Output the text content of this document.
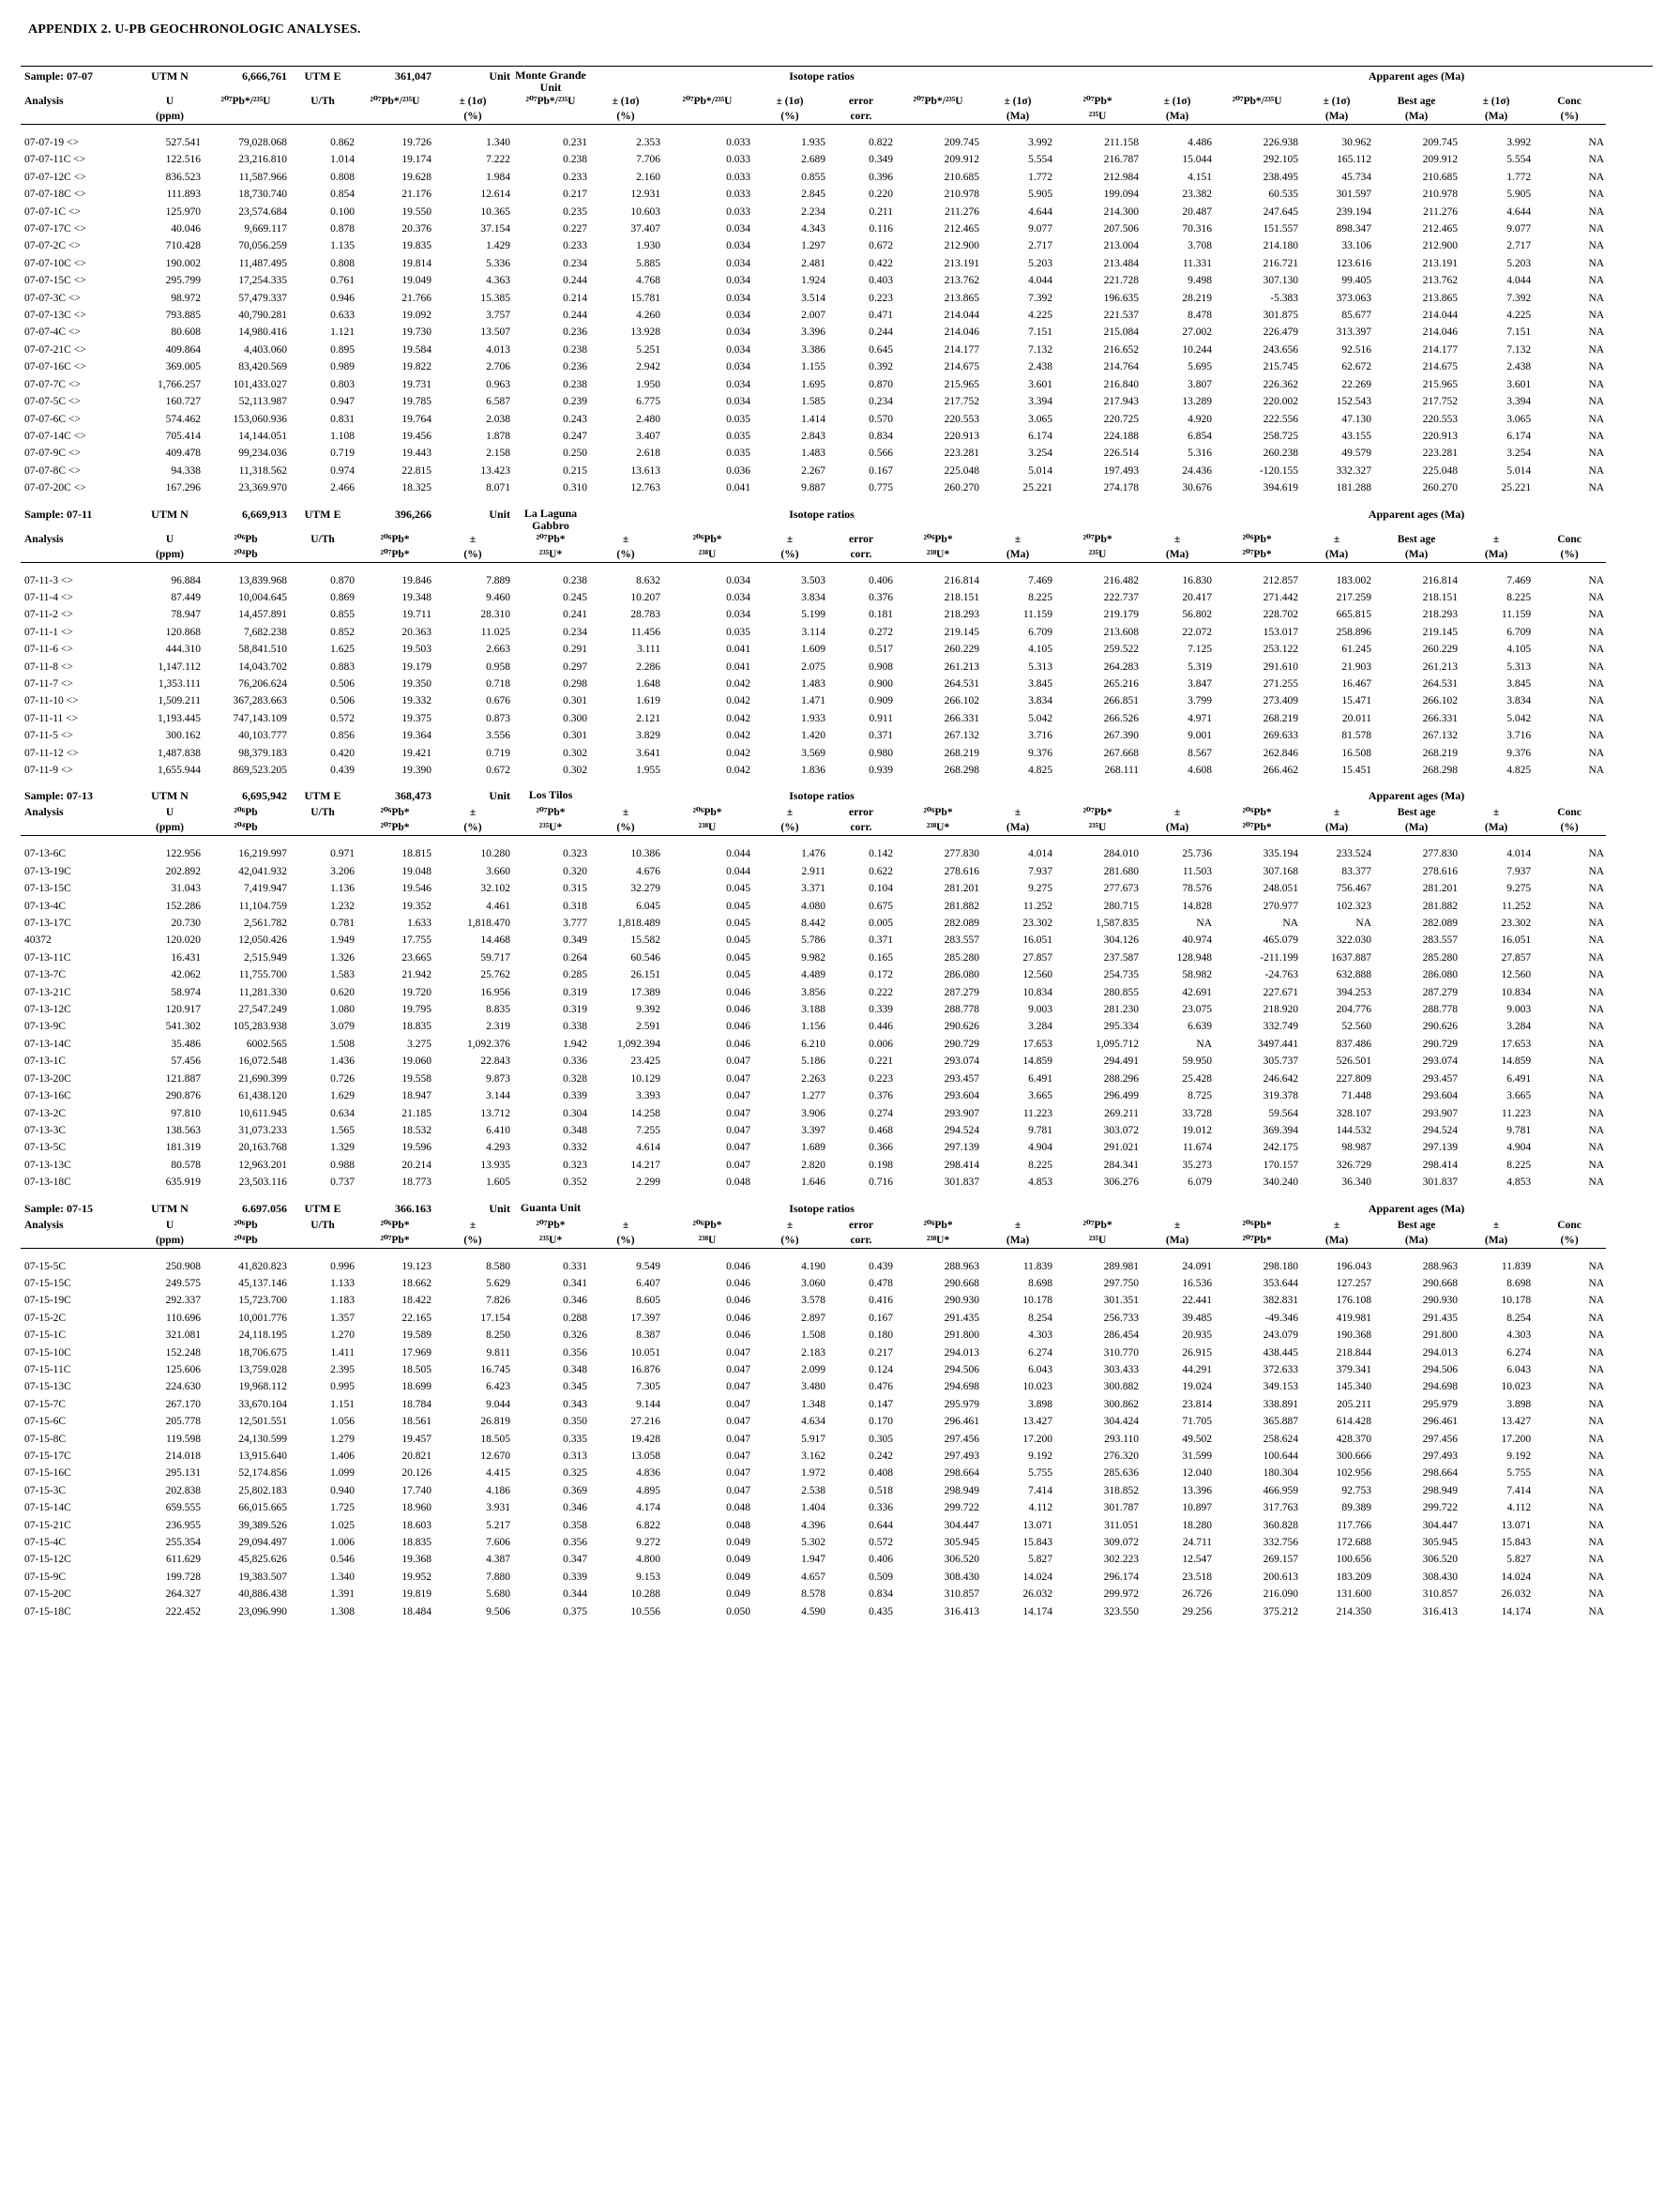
APPENDIX 2. U-PB GEOCHRONOLOGIC ANALYSES.
Sample: 07-07	UTM N	6,666,761	UTM E	361,047	Unit	Monte Grande Unit		Isotope ratios								Apparent ages (Ma)					
Analysis	U	²⁰⁷Pb*/²³⁵U	U/Th	²⁰⁷Pb*/²³⁵U	± (1σ)	²⁰⁷Pb*/²³⁵U	± (1σ)	²⁰⁷Pb*/²³⁵U	± (1σ)	error	²⁰⁷Pb*/²³⁵U	± (1σ)	²⁰⁷Pb*	± (1σ)	²⁰⁷Pb*/²³⁵U	± (1σ)	Best age	± (1σ)	Conc		
	(ppm)				(%)		(%)		(%)	corr.		(Ma)	²³⁵U	(Ma)		(Ma)	(Ma)	(Ma)	(%)		

07-07-19 <>	527.541	79,028.068	0.862	19.726	1.340	0.231	2.353	0.033	1.935	0.822	209.745	3.992	211.158	4.486	226.938	30.962	209.745	3.992	NA		
07-07-11C <>	122.516	23,216.810	1.014	19.174	7.222	0.238	7.706	0.033	2.689	0.349	209.912	5.554	216.787	15.044	292.105	165.112	209.912	5.554	NA		
07-07-12C <>	836.523	11,587.966	0.808	19.628	1.984	0.233	2.160	0.033	0.855	0.396	210.685	1.772	212.984	4.151	238.495	45.734	210.685	1.772	NA		
07-07-18C <>	111.893	18,730.740	0.854	21.176	12.614	0.217	12.931	0.033	2.845	0.220	210.978	5.905	199.094	23.382	60.535	301.597	210.978	5.905	NA		
07-07-1C <>	125.970	23,574.684	0.100	19.550	10.365	0.235	10.603	0.033	2.234	0.211	211.276	4.644	214.300	20.487	247.645	239.194	211.276	4.644	NA		
07-07-17C <>	40.046	9,669.117	0.878	20.376	37.154	0.227	37.407	0.034	4.343	0.116	212.465	9.077	207.506	70.316	151.557	898.347	212.465	9.077	NA		
07-07-2C <>	710.428	70,056.259	1.135	19.835	1.429	0.233	1.930	0.034	1.297	0.672	212.900	2.717	213.004	3.708	214.180	33.106	212.900	2.717	NA		
07-07-10C <>	190.002	11,487.495	0.808	19.814	5.336	0.234	5.885	0.034	2.481	0.422	213.191	5.203	213.484	11.331	216.721	123.616	213.191	5.203	NA		
07-07-15C <>	295.799	17,254.335	0.761	19.049	4.363	0.244	4.768	0.034	1.924	0.403	213.762	4.044	221.728	9.498	307.130	99.405	213.762	4.044	NA		
07-07-3C <>	98.972	57,479.337	0.946	21.766	15.385	0.214	15.781	0.034	3.514	0.223	213.865	7.392	196.635	28.219	-5.383	373.063	213.865	7.392	NA		
07-07-13C <>	793.885	40,790.281	0.633	19.092	3.757	0.244	4.260	0.034	2.007	0.471	214.044	4.225	221.537	8.478	301.875	85.677	214.044	4.225	NA		
07-07-4C <>	80.608	14,980.416	1.121	19.730	13.507	0.236	13.928	0.034	3.396	0.244	214.046	7.151	215.084	27.002	226.479	313.397	214.046	7.151	NA		
07-07-21C <>	409.864	4,403.060	0.895	19.584	4.013	0.238	5.251	0.034	3.386	0.645	214.177	7.132	216.652	10.244	243.656	92.516	214.177	7.132	NA		
07-07-16C <>	369.005	83,420.569	0.989	19.822	2.706	0.236	2.942	0.034	1.155	0.392	214.675	2.438	214.764	5.695	215.745	62.672	214.675	2.438	NA		
07-07-7C <>	1,766.257	101,433.027	0.803	19.731	0.963	0.238	1.950	0.034	1.695	0.870	215.965	3.601	216.840	3.807	226.362	22.269	215.965	3.601	NA		
07-07-5C <>	160.727	52,113.987	0.947	19.785	6.587	0.239	6.775	0.034	1.585	0.234	217.752	3.394	217.943	13.289	220.002	152.543	217.752	3.394	NA		
07-07-6C <>	574.462	153,060.936	0.831	19.764	2.038	0.243	2.480	0.035	1.414	0.570	220.553	3.065	220.725	4.920	222.556	47.130	220.553	3.065	NA		
07-07-14C <>	705.414	14,144.051	1.108	19.456	1.878	0.247	3.407	0.035	2.843	0.834	220.913	6.174	224.188	6.854	258.725	43.155	220.913	6.174	NA		
07-07-9C <>	409.478	99,234.036	0.719	19.443	2.158	0.250	2.618	0.035	1.483	0.566	223.281	3.254	226.514	5.316	260.238	49.579	223.281	3.254	NA		
07-07-8C <>	94.338	11,318.562	0.974	22.815	13.423	0.215	13.613	0.036	2.267	0.167	225.048	5.014	197.493	24.436	-120.155	332.327	225.048	5.014	NA		
07-07-20C <>	167.296	23,369.970	2.466	18.325	8.071	0.310	12.763	0.041	9.887	0.775	260.270	25.221	274.178	30.676	394.619	181.288	260.270	25.221	NA		

Sample: 07-11	UTM N	6,669,913	UTM E	396,266	Unit	La Laguna Gabbro		Isotope ratios								Apparent ages (Ma)					
Analysis	U	²⁰⁶Pb	U/Th	²⁰⁶Pb*	±	²⁰⁷Pb*	±	²⁰⁶Pb*	±	error	²⁰⁶Pb*	±	²⁰⁷Pb*	±	²⁰⁶Pb*	±	Best age	±	Conc		
	(ppm)	²⁰⁴Pb		²⁰⁷Pb*	(%)	²³⁵U*	(%)	²³⁸U	(%)	corr.	²³⁸U*	(Ma)	²³⁵U	(Ma)	²⁰⁷Pb*	(Ma)	(Ma)	(Ma)	(%)		

07-11-3 <>	96.884	13,839.968	0.870	19.846	7.889	0.238	8.632	0.034	3.503	0.406	216.814	7.469	216.482	16.830	212.857	183.002	216.814	7.469	NA		
07-11-4 <>	87.449	10,004.645	0.869	19.348	9.460	0.245	10.207	0.034	3.834	0.376	218.151	8.225	222.737	20.417	271.442	217.259	218.151	8.225	NA		
07-11-2 <>	78.947	14,457.891	0.855	19.711	28.310	0.241	28.783	0.034	5.199	0.181	218.293	11.159	219.179	56.802	228.702	665.815	218.293	11.159	NA		
07-11-1 <>	120.868	7,682.238	0.852	20.363	11.025	0.234	11.456	0.035	3.114	0.272	219.145	6.709	213.608	22.072	153.017	258.896	219.145	6.709	NA		
07-11-6 <>	444.310	58,841.510	1.625	19.503	2.663	0.291	3.111	0.041	1.609	0.517	260.229	4.105	259.522	7.125	253.122	61.245	260.229	4.105	NA		
07-11-8 <>	1,147.112	14,043.702	0.883	19.179	0.958	0.297	2.286	0.041	2.075	0.908	261.213	5.313	264.283	5.319	291.610	21.903	261.213	5.313	NA		
07-11-7 <>	1,353.111	76,206.624	0.506	19.350	0.718	0.298	1.648	0.042	1.483	0.900	264.531	3.845	265.216	3.847	271.255	16.467	264.531	3.845	NA		
07-11-10 <>	1,509.211	367,283.663	0.506	19.332	0.676	0.301	1.619	0.042	1.471	0.909	266.102	3.834	266.851	3.799	273.409	15.471	266.102	3.834	NA		
07-11-11 <>	1,193.445	747,143.109	0.572	19.375	0.873	0.300	2.121	0.042	1.933	0.911	266.331	5.042	266.526	4.971	268.219	20.011	266.331	5.042	NA		
07-11-5 <>	300.162	40,103.777	0.856	19.364	3.556	0.301	3.829	0.042	1.420	0.371	267.132	3.716	267.390	9.001	269.633	81.578	267.132	3.716	NA		
07-11-12 <>	1,487.838	98,379.183	0.420	19.421	0.719	0.302	3.641	0.042	3.569	0.980	268.219	9.376	267.668	8.567	262.846	16.508	268.219	9.376	NA		
07-11-9 <>	1,655.944	869,523.205	0.439	19.390	0.672	0.302	1.955	0.042	1.836	0.939	268.298	4.825	268.111	4.608	266.462	15.451	268.298	4.825	NA		

Sample: 07-13	UTM N	6,695,942	UTM E	368,473	Unit	Los Tilos		Isotope ratios								Apparent ages (Ma)					
Analysis	U	²⁰⁶Pb	U/Th	²⁰⁶Pb*	±	²⁰⁷Pb*	±	²⁰⁶Pb*	±	error	²⁰⁶Pb*	±	²⁰⁷Pb*	±	²⁰⁶Pb*	±	Best age	±	Conc		
	(ppm)	²⁰⁴Pb		²⁰⁷Pb*	(%)	²³⁵U*	(%)	²³⁸U	(%)	corr.	²³⁸U*	(Ma)	²³⁵U	(Ma)	²⁰⁷Pb*	(Ma)	(Ma)	(Ma)	(%)		

07-13-6C	122.956	16,219.997	0.971	18.815	10.280	0.323	10.386	0.044	1.476	0.142	277.830	4.014	284.010	25.736	335.194	233.524	277.830	4.014	NA		
07-13-19C	202.892	42,041.932	3.206	19.048	3.660	0.320	4.676	0.044	2.911	0.622	278.616	7.937	281.680	11.503	307.168	83.377	278.616	7.937	NA		
07-13-15C	31.043	7,419.947	1.136	19.546	32.102	0.315	32.279	0.045	3.371	0.104	281.201	9.275	277.673	78.576	248.051	756.467	281.201	9.275	NA		
07-13-4C	152.286	11,104.759	1.232	19.352	4.461	0.318	6.045	0.045	4.080	0.675	281.882	11.252	280.715	14.828	270.977	102.323	281.882	11.252	NA		
07-13-17C	20.730	2,561.782	0.781	1.633	1,818.470	3.777	1,818.489	0.045	8.442	0.005	282.089	23.302	1,587.835	NA	NA	NA	282.089	23.302	NA		
40372	120.020	12,050.426	1.949	17.755	14.468	0.349	15.582	0.045	5.786	0.371	283.557	16.051	304.126	40.974	465.079	322.030	283.557	16.051	NA		
07-13-11C	16.431	2,515.949	1.326	23.665	59.717	0.264	60.546	0.045	9.982	0.165	285.280	27.857	237.587	128.948	-211.199	1637.887	285.280	27.857	NA		
07-13-7C	42.062	11,755.700	1.583	21.942	25.762	0.285	26.151	0.045	4.489	0.172	286.080	12.560	254.735	58.982	-24.763	632.888	286.080	12.560	NA		
07-13-21C	58.974	11,281.330	0.620	19.720	16.956	0.319	17.389	0.046	3.856	0.222	287.279	10.834	280.855	42.691	227.671	394.253	287.279	10.834	NA		
07-13-12C	120.917	27,547.249	1.080	19.795	8.835	0.319	9.392	0.046	3.188	0.339	288.778	9.003	281.230	23.075	218.920	204.776	288.778	9.003	NA		
07-13-9C	541.302	105,283.938	3.079	18.835	2.319	0.338	2.591	0.046	1.156	0.446	290.626	3.284	295.334	6.639	332.749	52.560	290.626	3.284	NA		
07-13-14C	35.486	6002.565	1.508	3.275	1,092.376	1.942	1,092.394	0.046	6.210	0.006	290.729	17.653	1,095.712	NA	3497.441	837.486	290.729	17.653	NA		
07-13-1C	57.456	16,072.548	1.436	19.060	22.843	0.336	23.425	0.047	5.186	0.221	293.074	14.859	294.491	59.950	305.737	526.501	293.074	14.859	NA		
07-13-20C	121.887	21,690.399	0.726	19.558	9.873	0.328	10.129	0.047	2.263	0.223	293.457	6.491	288.296	25.428	246.642	227.809	293.457	6.491	NA		
07-13-16C	290.876	61,438.120	1.629	18.947	3.144	0.339	3.393	0.047	1.277	0.376	293.604	3.665	296.499	8.725	319.378	71.448	293.604	3.665	NA		
07-13-2C	97.810	10,611.945	0.634	21.185	13.712	0.304	14.258	0.047	3.906	0.274	293.907	11.223	269.211	33.728	59.564	328.107	293.907	11.223	NA		
07-13-3C	138.563	31,073.233	1.565	18.532	6.410	0.348	7.255	0.047	3.397	0.468	294.524	9.781	303.072	19.012	369.394	144.532	294.524	9.781	NA		
07-13-5C	181.319	20,163.768	1.329	19.596	4.293	0.332	4.614	0.047	1.689	0.366	297.139	4.904	291.021	11.674	242.175	98.987	297.139	4.904	NA		
07-13-13C	80.578	12,963.201	0.988	20.214	13.935	0.323	14.217	0.047	2.820	0.198	298.414	8.225	284.341	35.273	170.157	326.729	298.414	8.225	NA		
07-13-18C	635.919	23,503.116	0.737	18.773	1.605	0.352	2.299	0.048	1.646	0.716	301.837	4.853	306.276	6.079	340.240	36.340	301.837	4.853	NA		

Sample: 07-15	UTM N	6.697.056	UTM E	366.163	Unit	Guanta Unit		Isotope ratios								Apparent ages (Ma)					
Analysis	U	²⁰⁶Pb	U/Th	²⁰⁶Pb*	±	²⁰⁷Pb*	±	²⁰⁶Pb*	±	error	²⁰⁶Pb*	±	²⁰⁷Pb*	±	²⁰⁶Pb*	±	Best age	±	Conc		
	(ppm)	²⁰⁴Pb		²⁰⁷Pb*	(%)	²³⁵U*	(%)	²³⁸U	(%)	corr.	²³⁸U*	(Ma)	²³⁵U	(Ma)	²⁰⁷Pb*	(Ma)	(Ma)	(Ma)	(%)		

07-15-5C	250.908	41,820.823	0.996	19.123	8.580	0.331	9.549	0.046	4.190	0.439	288.963	11.839	289.981	24.091	298.180	196.043	288.963	11.839	NA		
07-15-15C	249.575	45,137.146	1.133	18.662	5.629	0.341	6.407	0.046	3.060	0.478	290.668	8.698	297.750	16.536	353.644	127.257	290.668	8.698	NA		
07-15-19C	292.337	15,723.700	1.183	18.422	7.826	0.346	8.605	0.046	3.578	0.416	290.930	10.178	301.351	22.441	382.831	176.108	290.930	10.178	NA		
07-15-2C	110.696	10,001.776	1.357	22.165	17.154	0.288	17.397	0.046	2.897	0.167	291.435	8.254	256.733	39.485	-49.346	419.981	291.435	8.254	NA		
07-15-1C	321.081	24,118.195	1.270	19.589	8.250	0.326	8.387	0.046	1.508	0.180	291.800	4.303	286.454	20.935	243.079	190.368	291.800	4.303	NA		
07-15-10C	152.248	18,706.675	1.411	17.969	9.811	0.356	10.051	0.047	2.183	0.217	294.013	6.274	310.770	26.915	438.445	218.844	294.013	6.274	NA		
07-15-11C	125.606	13,759.028	2.395	18.505	16.745	0.348	16.876	0.047	2.099	0.124	294.506	6.043	303.433	44.291	372.633	379.341	294.506	6.043	NA		
07-15-13C	224.630	19,968.112	0.995	18.699	6.423	0.345	7.305	0.047	3.480	0.476	294.698	10.023	300.882	19.024	349.153	145.340	294.698	10.023	NA		
07-15-7C	267.170	33,670.104	1.151	18.784	9.044	0.343	9.144	0.047	1.348	0.147	295.979	3.898	300.862	23.814	338.891	205.211	295.979	3.898	NA		
07-15-6C	205.778	12,501.551	1.056	18.561	26.819	0.350	27.216	0.047	4.634	0.170	296.461	13.427	304.424	71.705	365.887	614.428	296.461	13.427	NA		
07-15-8C	119.598	24,130.599	1.279	19.457	18.505	0.335	19.428	0.047	5.917	0.305	297.456	17.200	293.110	49.502	258.624	428.370	297.456	17.200	NA		
07-15-17C	214.018	13,915.640	1.406	20.821	12.670	0.313	13.058	0.047	3.162	0.242	297.493	9.192	276.320	31.599	100.644	300.666	297.493	9.192	NA		
07-15-16C	295.131	52,174.856	1.099	20.126	4.415	0.325	4.836	0.047	1.972	0.408	298.664	5.755	285.636	12.040	180.304	102.956	298.664	5.755	NA		
07-15-3C	202.838	25,802.183	0.940	17.740	4.186	0.369	4.895	0.047	2.538	0.518	298.949	7.414	318.852	13.396	466.959	92.753	298.949	7.414	NA		
07-15-14C	659.555	66,015.665	1.725	18.960	3.931	0.346	4.174	0.048	1.404	0.336	299.722	4.112	301.787	10.897	317.763	89.389	299.722	4.112	NA		
07-15-21C	236.955	39,389.526	1.025	18.603	5.217	0.358	6.822	0.048	4.396	0.644	304.447	13.071	311.051	18.280	360.828	117.766	304.447	13.071	NA		
07-15-4C	255.354	29,094.497	1.006	18.835	7.606	0.356	9.272	0.049	5.302	0.572	305.945	15.843	309.072	24.711	332.756	172.688	305.945	15.843	NA		
07-15-12C	611.629	45,825.626	0.546	19.368	4.387	0.347	4.800	0.049	1.947	0.406	306.520	5.827	302.223	12.547	269.157	100.656	306.520	5.827	NA		
07-15-9C	199.728	19,383.507	1.340	19.952	7.880	0.339	9.153	0.049	4.657	0.509	308.430	14.024	296.174	23.518	200.613	183.209	308.430	14.024	NA		
07-15-20C	264.327	40,886.438	1.391	19.819	5.680	0.344	10.288	0.049	8.578	0.834	310.857	26.032	299.972	26.726	216.090	131.600	310.857	26.032	NA		
07-15-18C	222.452	23,096.990	1.308	18.484	9.506	0.375	10.556	0.050	4.590	0.435	316.413	14.174	323.550	29.256	375.212	214.350	316.413	14.174	NA		
